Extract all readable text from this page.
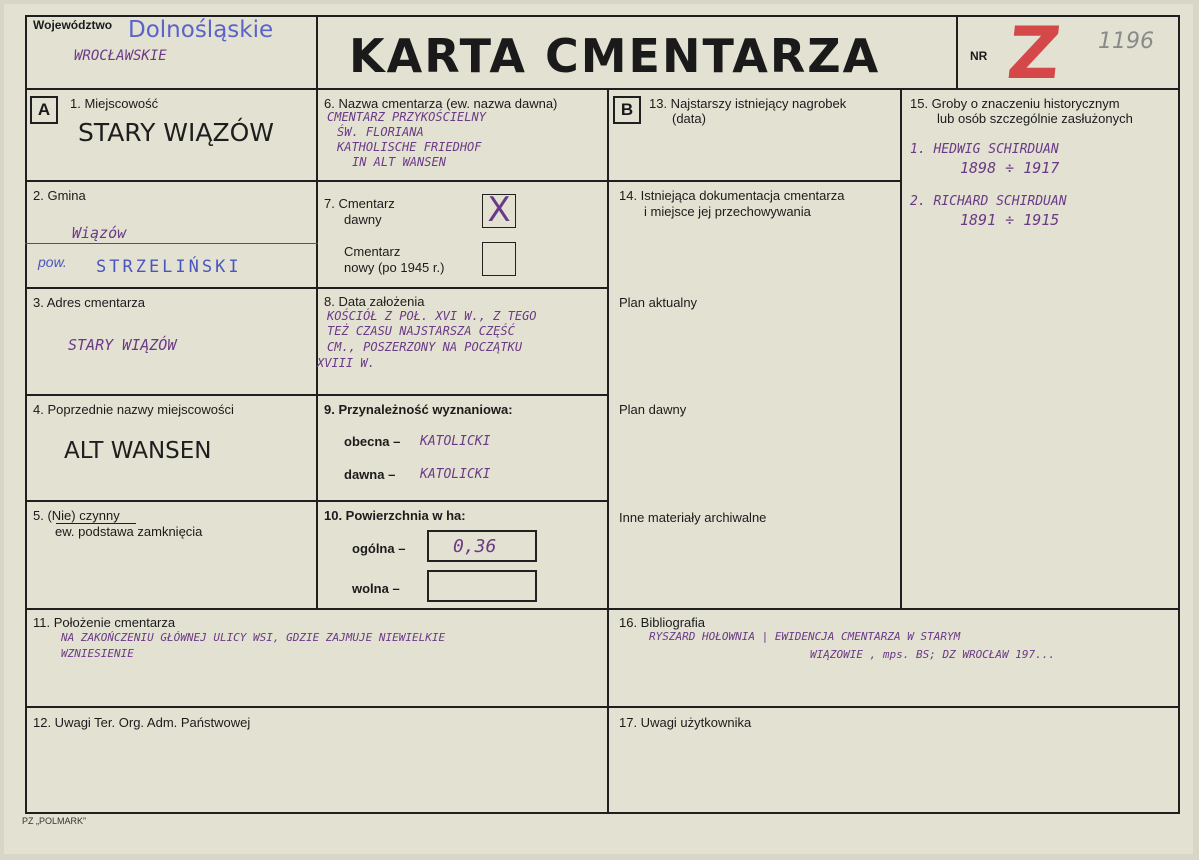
Województwo Dolnośląskie
WROCŁAWSKIE	KARTA CMENTARZA	NR Z 1196
A	B
1. Miejscowość
STARY WIĄZÓW
2. Gmina
Wiązów
pow. STRZELIŃSKI
3. Adres cmentarza
STARY WIĄZÓW
4. Poprzednie nazwy miejscowości
ALT WANSEN
5. (Nie) czynny
ew. podstawa zamknięcia
6. Nazwa cmentarza (ew. nazwa dawna)
CMENTARZ PRZYKOŚCIELNY
ŚW. FLORIANA
KATHOLISCHE FRIEDHOF
IN ALT WANSEN
7. Cmentarz
dawny	X
Cmentarz
nowy (po 1945 r.)
8. Data założenia
KOŚCIÓŁ Z POŁ. XVI W., Z TEGO
TEŻ CZASU NAJSTARSZA CZĘŚĆ
CM., POSZERZONY NA POCZĄTKU
XVIII W.
9. Przynależność wyznaniowa:
obecna – KATOLICKI
dawna – KATOLICKI
10. Powierzchnia w ha:
ogólna –	0,36
wolna –
13. Najstarszy istniejący nagrobek
(data)
14. Istniejąca dokumentacja cmentarza
i miejsce jej przechowywania
Plan aktualny
Plan dawny
Inne materiały archiwalne
15. Groby o znaczeniu historycznym
lub osób szczególnie zasłużonych
1. HEDWIG SCHIRDUAN
1898 ÷ 1917
2. RICHARD SCHIRDUAN
1891 ÷ 1915
11. Położenie cmentarza
NA ZAKOŃCZENIU GŁÓWNEJ ULICY WSI, GDZIE ZAJMUJE NIEWIELKIE
WZNIESIENIE
16. Bibliografia
RYSZARD HOŁOWNIA | EWIDENCJA CMENTARZA W STARYM
WIĄZOWIE , mps. BS; DZ WROCŁAW 197...
12. Uwagi Ter. Org. Adm. Państwowej	17. Uwagi użytkownika
PZ „POLMARK”
